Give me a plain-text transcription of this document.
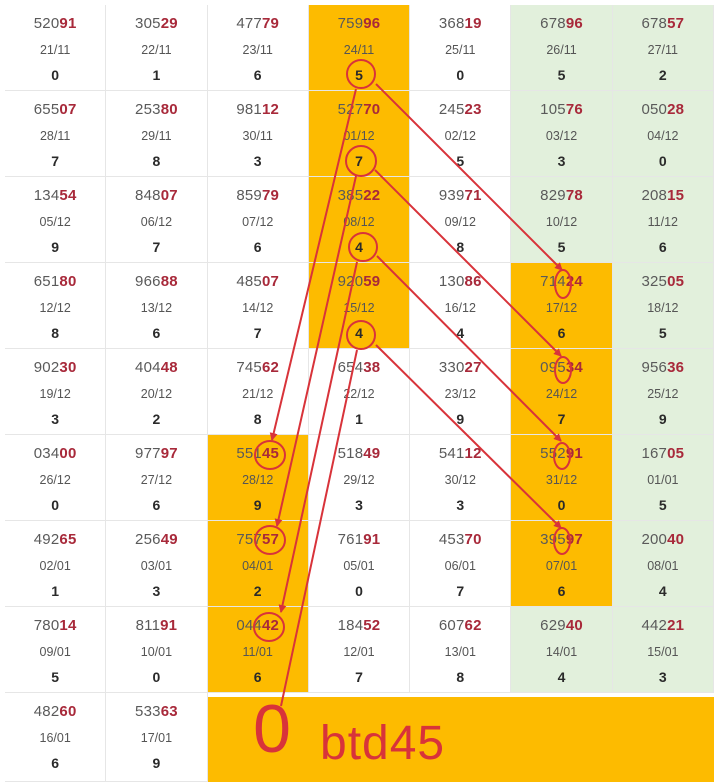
52091
21/11
0
30529
22/11
1
47779
23/11
6
75996
24/11
5
36819
25/11
0
67896
26/11
5
67857
27/11
2
65507
28/11
7
25380
29/11
8
98112
30/11
3
52770
01/12
7
24523
02/12
5
10576
03/12
3
05028
04/12
0
13454
05/12
9
84807
06/12
7
85979
07/12
6
38522
08/12
4
93971
09/12
8
82978
10/12
5
20815
11/12
6
65180
12/12
8
96688
13/12
6
48507
14/12
7
92059
15/12
4
13086
16/12
4
71424
17/12
6
32505
18/12
5
90230
19/12
3
40448
20/12
2
74562
21/12
8
65438
22/12
1
33027
23/12
9
09534
24/12
7
95636
25/12
9
03400
26/12
0
97797
27/12
6
55145
28/12
9
51849
29/12
3
54112
30/12
3
55291
31/12
0
16705
01/01
5
49265
02/01
1
25649
03/01
3
75757
04/01
2
76191
05/01
0
45370
06/01
7
39597
07/01
6
20040
08/01
4
78014
09/01
5
81191
10/01
0
04442
11/01
6
18452
12/01
7
60762
13/01
8
62940
14/01
4
44221
15/01
3
48260
16/01
6
53363
17/01
9	btd45
0
